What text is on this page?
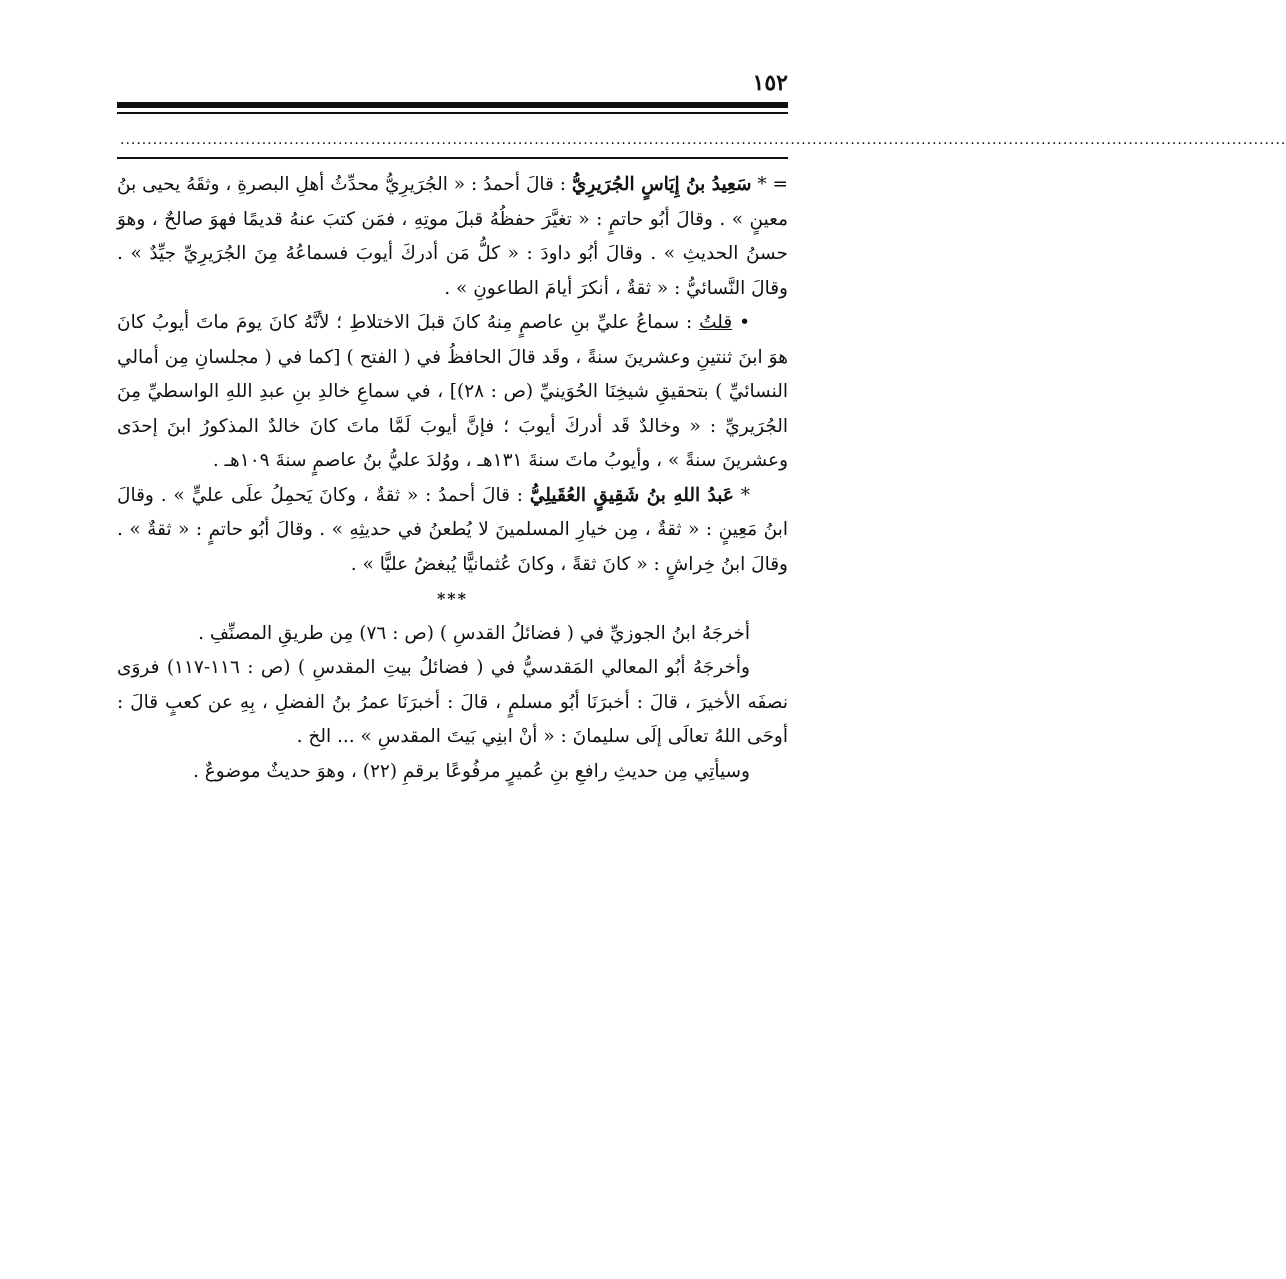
١٥٢
......................................................................................................................................................................................................................

= * سَعِيدُ بنُ إِيَاسٍ الجُرَيرِيُّ : قالَ أحمدُ : « الجُرَيرِيُّ محدِّثُ أهلِ البصرةِ ، وثقَهُ يحيى بنُ معينٍ » . وقالَ أبُو حاتمٍ : « تغيَّرَ حفظُهُ قبلَ موتِهِ ، فمَن كتبَ عنهُ قديمًا فهوَ صالحٌ ، وهوَ حسنُ الحديثِ » . وقالَ أبُو داودَ : « كلُّ مَن أدركَ أيوبَ فسماعُهُ مِنَ الجُرَيرِيِّ جيِّدٌ » . وقالَ النَّسائيُّ : « ثقةٌ ، أنكرَ أيامَ الطاعونِ » .

• قلتُ : سماعُ عليِّ بنِ عاصمٍ مِنهُ كانَ قبلَ الاختلاطِ ؛ لأنَّهُ كانَ يومَ ماتَ أيوبُ كانَ هوَ ابنَ ثنتينِ وعشرينَ سنةً ، وقَد قالَ الحافظُ في ( الفتح ) [كما في ( مجلسانِ مِن أمالي النسائيِّ ) بتحقيقِ شيخِنَا الحُوَينيِّ (ص : ٢٨)] ، في سماعِ خالدِ بنِ عبدِ اللهِ الواسطيِّ مِنَ الجُرَيريِّ : « وخالدٌ قَد أدركَ أيوبَ ؛ فإنَّ أيوبَ لَمَّا ماتَ كانَ خالدٌ المذكورُ ابنَ إحدَى وعشرينَ سنةً » ، وأيوبُ ماتَ سنةَ ١٣١هـ ، ووُلدَ عليُّ بنُ عاصمٍ سنةَ ١٠٩هـ .

* عَبدُ اللهِ بنُ شَقِيقٍ العُقَيلِيُّ : قالَ أحمدُ : « ثقةٌ ، وكانَ يَحمِلُ علَى عليٍّ » . وقالَ ابنُ مَعِينٍ : « ثقةٌ ، مِن خيارِ المسلمينَ لا يُطعنُ في حديثِهِ » . وقالَ أبُو حاتمٍ : « ثقةٌ » . وقالَ ابنُ خِراشٍ : « كانَ ثقةً ، وكانَ عُثمانيًّا يُبغضُ عليًّا » .

***

أخرجَهُ ابنُ الجوزيِّ في ( فضائلُ القدسِ ) (ص : ٧٦) مِن طريقِ المصنِّفِ .

وأخرجَهُ أبُو المعالي المَقدسيُّ في ( فضائلُ بيتِ المقدسِ ) (ص : ١١٦-١١٧) فروَى نصفَه الأخيرَ ، قالَ : أخبرَنَا أبُو مسلمٍ ، قالَ : أخبرَنَا عمرُ بنُ الفضلِ ، بِهِ عن كعبٍ قالَ : أوحَى اللهُ تعالَى إلَى سليمانَ : « أنْ ابنِي بَيتَ المقدسِ » ... الخ .

وسيأتِي مِن حديثِ رافعِ بنِ عُميرٍ مرفُوعًا برقمِ (٢٢) ، وهوَ حديثٌ موضوعٌ .
